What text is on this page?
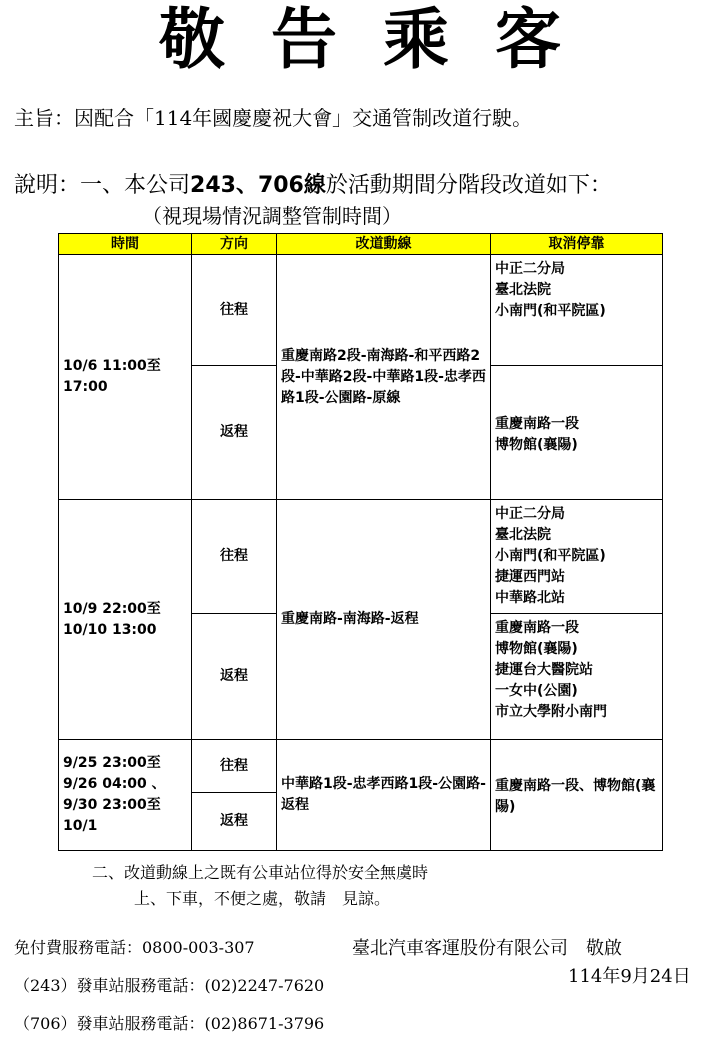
敬告乘客
主旨：因配合「114年國慶慶祝大會」交通管制改道行駛。
說明：一、本公司243、706線於活動期間分階段改道如下：
（視現場情況調整管制時間）
時間	方向	改道動線	取消停靠
10/6 11:00至17:00	往程	重慶南路2段-南海路-和平西路2段-中華路2段-中華路1段-忠孝西路1段-公園路-原線	中正二分局
臺北法院
小南門(和平院區)

	返程		重慶南路一段
博物館(襄陽)

10/9 22:00至10/10 13:00	往程	重慶南路-南海路-返程	中正二分局
臺北法院
小南門(和平院區)
捷運西門站
中華路北站

	返程		重慶南路一段
博物館(襄陽)
捷運台大醫院站
一女中(公園)
市立大學附小南門

9/25 23:00至9/26 04:00 、 9/30 23:00至10/1	往程	中華路1段-忠孝西路1段-公園路-返程	重慶南路一段、博物館(襄陽)
	返程		
二、改道動線上之既有公車站位得於安全無虞時
上、下車，不便之處，敬請　見諒。
免付費服務電話：0800-003-307
（243）發車站服務電話：(02)2247-7620
（706）發車站服務電話：(02)8671-3796
臺北汽車客運股份有限公司　敬啟
114年9月24日
